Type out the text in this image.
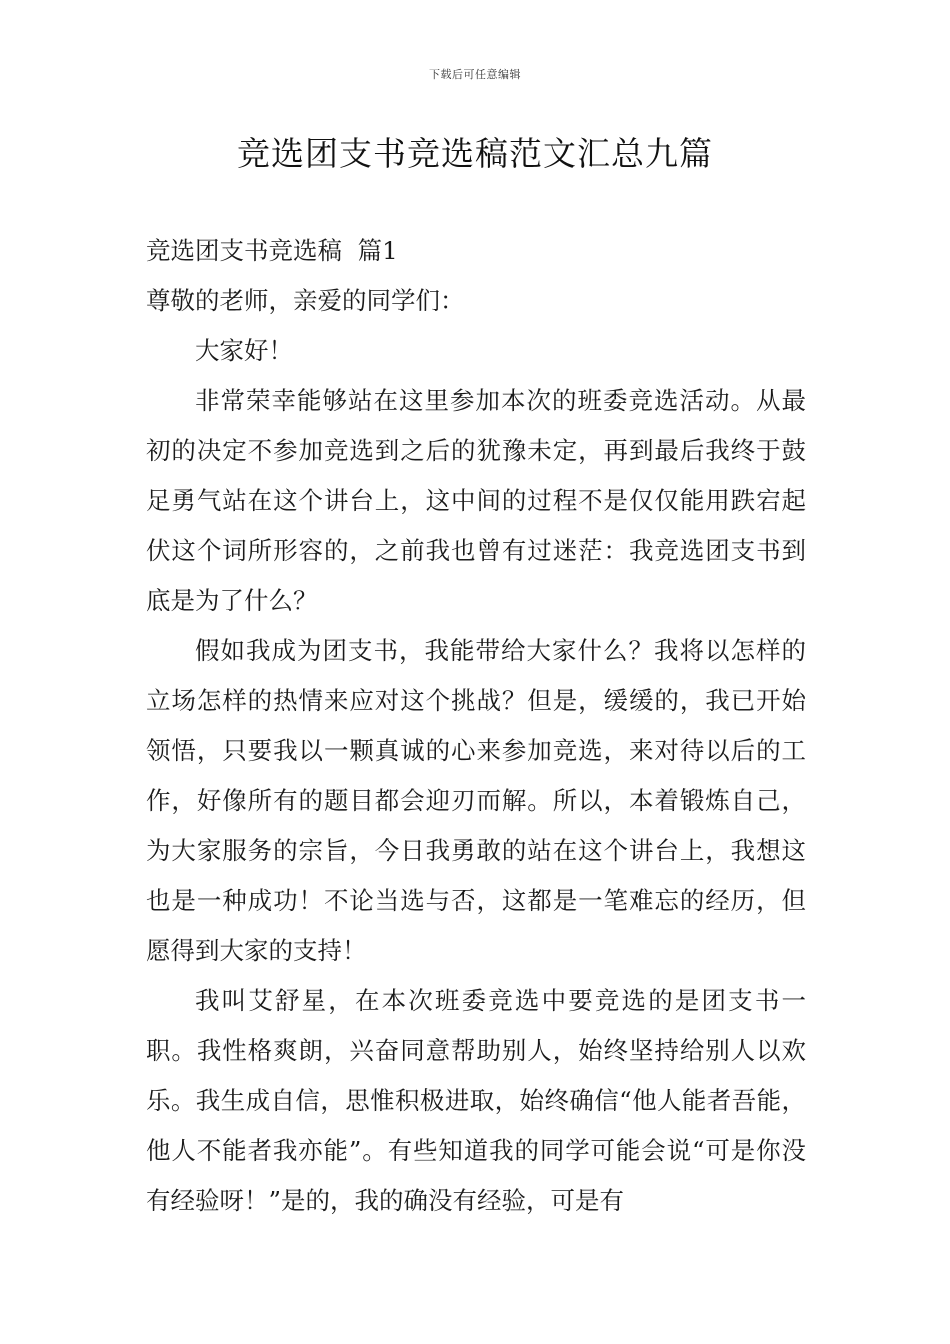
下载后可任意编辑
竞选团支书竞选稿范文汇总九篇

竞选团支书竞选稿  篇1

尊敬的老师，亲爱的同学们：

大家好！

非常荣幸能够站在这里参加本次的班委竞选活动。从最初的决定不参加竞选到之后的犹豫未定，再到最后我终于鼓足勇气站在这个讲台上，这中间的过程不是仅仅能用跌宕起伏这个词所形容的，之前我也曾有过迷茫：我竞选团支书到底是为了什么？

假如我成为团支书，我能带给大家什么？我将以怎样的立场怎样的热情来应对这个挑战？但是，缓缓的，我已开始领悟，只要我以一颗真诚的心来参加竞选，来对待以后的工作，好像所有的题目都会迎刃而解。所以，本着锻炼自己，为大家服务的宗旨，今日我勇敢的站在这个讲台上，我想这也是一种成功！不论当选与否，这都是一笔难忘的经历，但愿得到大家的支持！

我叫艾舒星，在本次班委竞选中要竞选的是团支书一职。我性格爽朗，兴奋同意帮助别人，始终坚持给别人以欢乐。我生成自信，思惟积极进取，始终确信“他人能者吾能，他人不能者我亦能”。有些知道我的同学可能会说“可是你没有经验呀！”是的，我的确没有经验，可是有
